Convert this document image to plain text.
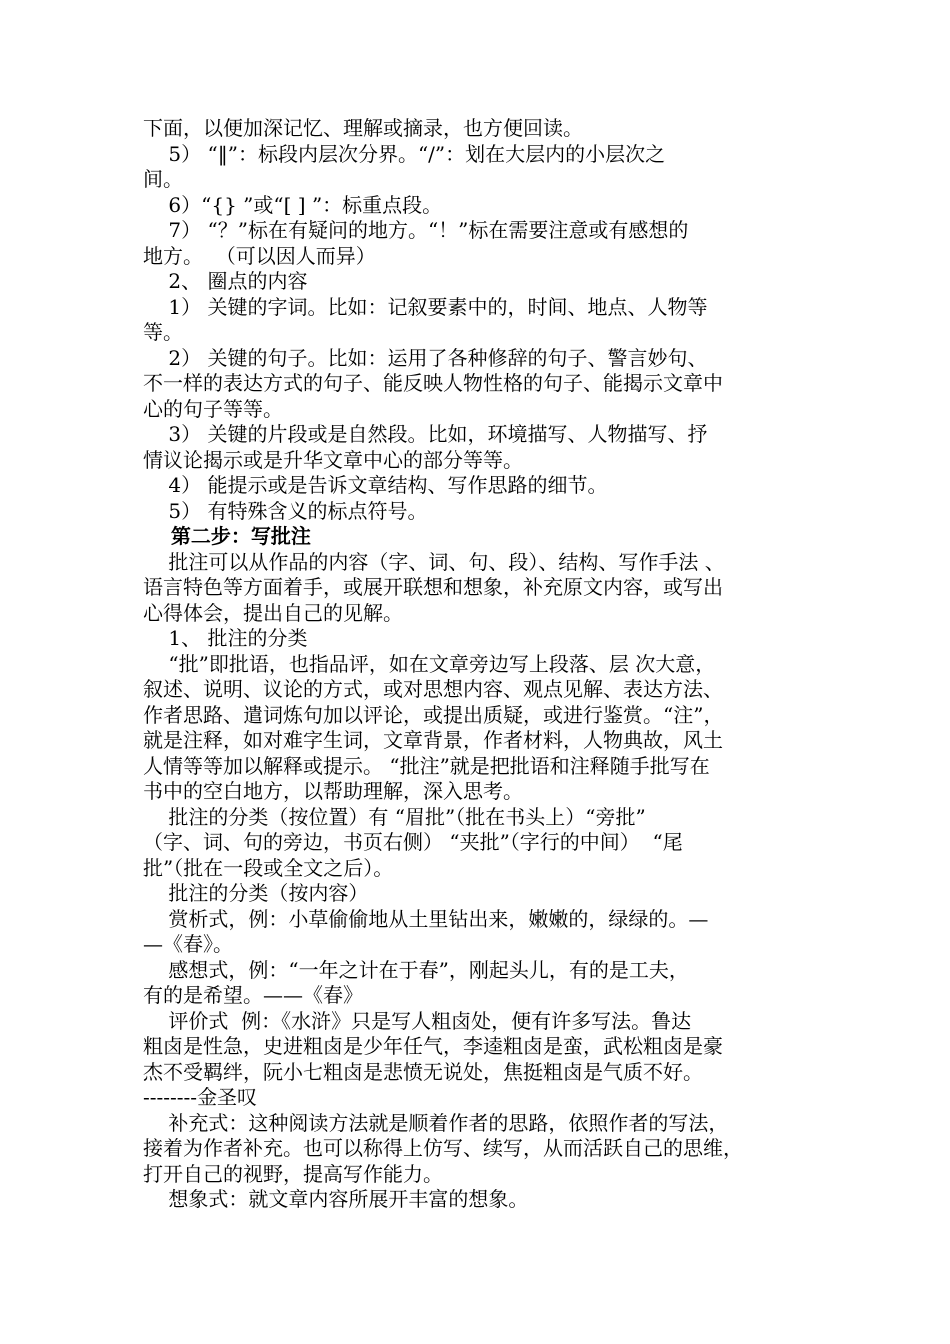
下面，以便加深记忆、理解或摘录，也方便回读。
5） “‖”：标段内层次分界。“/”：划在大层内的小层次之
间。
6）“{} ”或“[ ] ”：标重点段。
7） “？”标在有疑问的地方。“！”标在需要注意或有感想的
地方。  （可以因人而异）
2、 圈点的内容
1） 关键的字词。比如：记叙要素中的，时间、地点、人物等
等。
2） 关键的句子。比如：运用了各种修辞的句子、警言妙句、
不一样的表达方式的句子、能反映人物性格的句子、能揭示文章中
心的句子等等。
3） 关键的片段或是自然段。比如，环境描写、人物描写、抒
情议论揭示或是升华文章中心的部分等等。
4） 能提示或是告诉文章结构、写作思路的细节。
5） 有特殊含义的标点符号。
第二步：写批注
批注可以从作品的内容（字、词、句、段）、结构、写作手法 、
语言特色等方面着手，或展开联想和想象，补充原文内容，或写出
心得体会，提出自己的见解。
1、 批注的分类
“批”即批语，也指品评，如在文章旁边写上段落、层 次大意，
叙述、说明、议论的方式，或对思想内容、观点见解、表达方法、
作者思路、遣词炼句加以评论，或提出质疑，或进行鉴赏。“注”，
就是注释，如对难字生词，文章背景，作者材料，人物典故，风土
人情等等加以解释或提示。 “批注”就是把批语和注释随手批写在
书中的空白地方，以帮助理解，深入思考。
批注的分类（按位置）有 “眉批”（批在书头上）“旁批”
（字、词、句的旁边，书页右侧） “夹批”（字行的中间）  “尾
批”（批在一段或全文之后）。
批注的分类（按内容）
赏析式，例：小草偷偷地从土里钻出来，嫩嫩的，绿绿的。—
—《春》。
感想式，例：“一年之计在于春”，刚起头儿，有的是工夫，
有的是希望。——《春》
评价式  例：《水浒》只是写人粗卤处，便有许多写法。鲁达
粗卤是性急，史进粗卤是少年任气，李逵粗卤是蛮，武松粗卤是豪
杰不受羁绊，阮小七粗卤是悲愤无说处，焦挺粗卤是气质不好。
--------金圣叹
补充式：这种阅读方法就是顺着作者的思路，依照作者的写法，
接着为作者补充。也可以称得上仿写、续写，从而活跃自己的思维，
打开自己的视野，提高写作能力。
想象式：就文章内容所展开丰富的想象。
